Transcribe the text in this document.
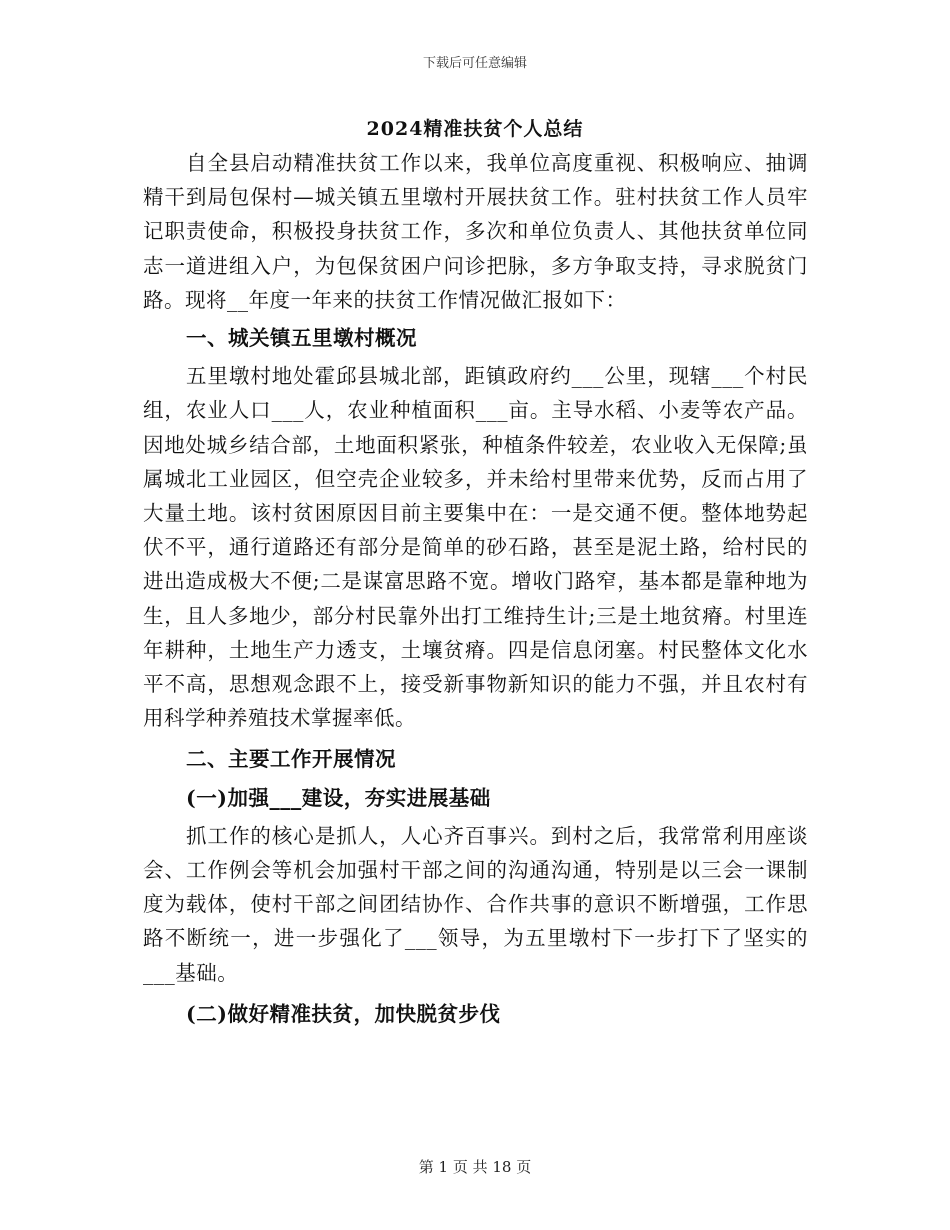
下载后可任意编辑
2024精准扶贫个人总结

自全县启动精准扶贫工作以来，我单位高度重视、积极响应、抽调精干到局包保村—城关镇五里墩村开展扶贫工作。驻村扶贫工作人员牢记职责使命，积极投身扶贫工作，多次和单位负责人、其他扶贫单位同志一道进组入户，为包保贫困户问诊把脉，多方争取支持，寻求脱贫门路。现将__年度一年来的扶贫工作情况做汇报如下：

一、城关镇五里墩村概况

五里墩村地处霍邱县城北部，距镇政府约___公里，现辖___个村民组，农业人口___人，农业种植面积___亩。主导水稻、小麦等农产品。因地处城乡结合部，土地面积紧张，种植条件较差，农业收入无保障;虽属城北工业园区，但空壳企业较多，并未给村里带来优势，反而占用了大量土地。该村贫困原因目前主要集中在：一是交通不便。整体地势起伏不平，通行道路还有部分是简单的砂石路，甚至是泥土路，给村民的进出造成极大不便;二是谋富思路不宽。增收门路窄，基本都是靠种地为生，且人多地少，部分村民靠外出打工维持生计;三是土地贫瘠。村里连年耕种，土地生产力透支，土壤贫瘠。四是信息闭塞。村民整体文化水平不高，思想观念跟不上，接受新事物新知识的能力不强，并且农村有用科学种养殖技术掌握率低。

二、主要工作开展情况

(一)加强___建设，夯实进展基础

抓工作的核心是抓人，人心齐百事兴。到村之后，我常常利用座谈会、工作例会等机会加强村干部之间的沟通沟通，特别是以三会一课制度为载体，使村干部之间团结协作、合作共事的意识不断增强，工作思路不断统一，进一步强化了___领导，为五里墩村下一步打下了坚实的___基础。

(二)做好精准扶贫，加快脱贫步伐

第 1 页 共 18 页
